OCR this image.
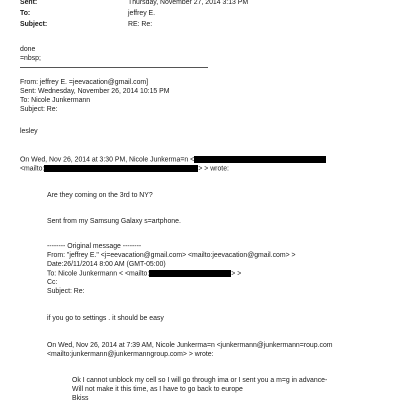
Sent:	Thursday, November 27, 2014 3:13 PM
To:	jeffrey E.
Subject:	RE: Re:
done
=nbsp;
From: jeffrey E. =jeevacation@gmail.com]
Sent: Wednesday, November 26, 2014 10:15 PM
To: Nicole Junkermann
Subject: Re:
lesley
On Wed, Nov 26, 2014 at 3:30 PM, Nicole Junkerma=n <
<mailto:	> > wrote:
Are they coming on the 3rd to NY?
Sent from my Samsung Galaxy s=artphone.
-------- Original message --------
From: "jeffrey E." <j=eevacation@gmail.com> <mailto:jeevacation@gmail.com> >
Date:26/11/2014 8:00 AM (GMT-05:00)
To: Nicole Junkermann < <mailto:	> >
Cc:
Subject: Re:
if you go to settings . it should be easy
On Wed, Nov 26, 2014 at 7:39 AM, Nicole Junkerma=n <junkermann@junkermann=roup.com
<mailto:junkermann@junkermanngroup.com> > wrote:
Ok I cannot unblock my cell so I will go through ima or I sent you a m=g in advance-
Will not make it this time, as I have to go back to europe
Bkiss
